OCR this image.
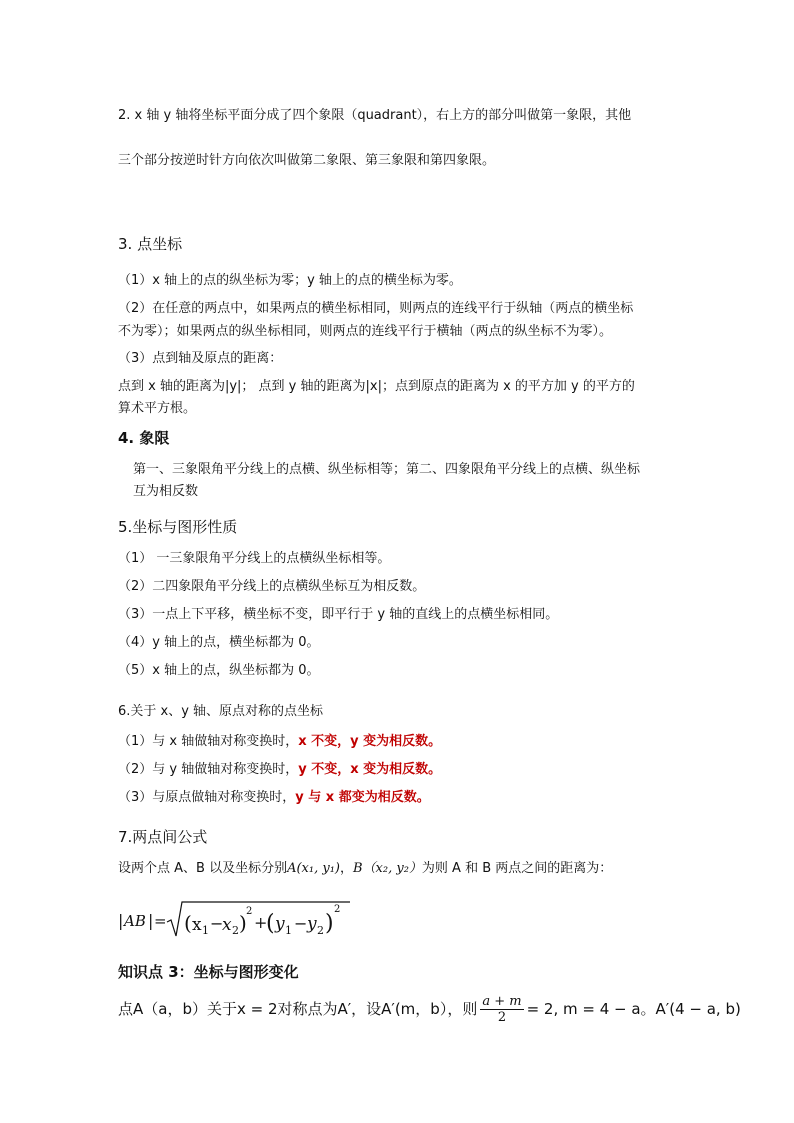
2. x 轴 y 轴将坐标平面分成了四个象限（quadrant），右上方的部分叫做第一象限，其他
三个部分按逆时针方向依次叫做第二象限、第三象限和第四象限。
3. 点坐标
（1）x 轴上的点的纵坐标为零；y 轴上的点的横坐标为零。
（2）在任意的两点中，如果两点的横坐标相同，则两点的连线平行于纵轴（两点的横坐标
不为零）；如果两点的纵坐标相同，则两点的连线平行于横轴（两点的纵坐标不为零）。
（3）点到轴及原点的距离：
点到 x 轴的距离为|y|； 点到 y 轴的距离为|x|；点到原点的距离为 x 的平方加 y 的平方的
算术平方根。
4. 象限
第一、三象限角平分线上的点横、纵坐标相等；第二、四象限角平分线上的点横、纵坐标
互为相反数
5.坐标与图形性质
（1） 一三象限角平分线上的点横纵坐标相等。
（2）二四象限角平分线上的点横纵坐标互为相反数。
（3）一点上下平移，横坐标不变，即平行于 y 轴的直线上的点横坐标相同。
（4）y 轴上的点，横坐标都为 0。
（5）x 轴上的点，纵坐标都为 0。
6.关于 x、y 轴、原点对称的点坐标
（1）与 x 轴做轴对称变换时，x 不变，y 变为相反数。
（2）与 y 轴做轴对称变换时，y 不变，x 变为相反数。
（3）与原点做轴对称变换时，y 与 x 都变为相反数。
7.两点间公式
设两个点 A、B 以及坐标分别A(x₁, y₁)，B（x₂, y₂）为则 A 和 B 两点之间的距离为：
| AB | = ( x 1 −
x 2 ) 2
+
( y 1 − y 2 )
2
知识点 3：坐标与图形变化
点A（a，b）关于x = 2对称点为A′，设A′(m，b），则 $\frac{a + m}{2} = 2$, m = 4 − a。A′(4 − a, b)
